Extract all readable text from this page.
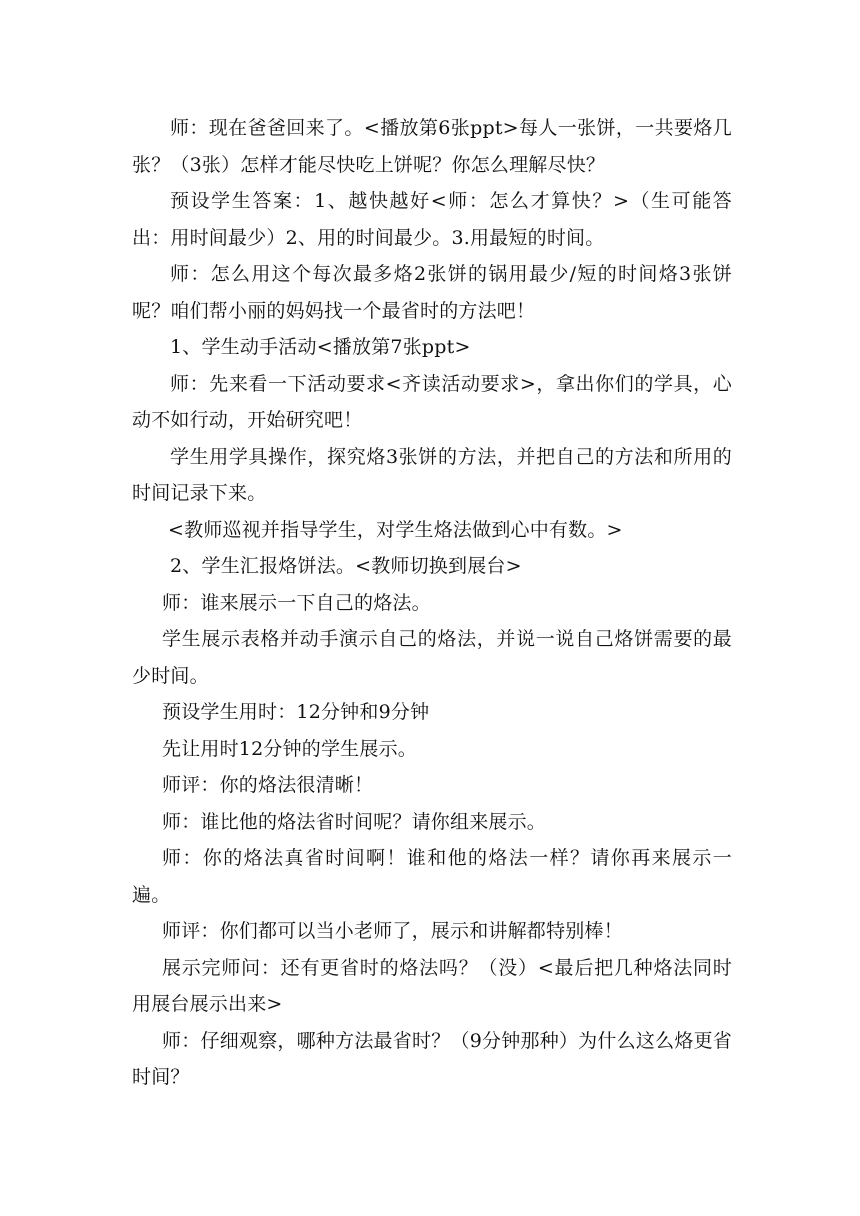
师：现在爸爸回来了。<播放第6张ppt>每人一张饼，一共要烙几张？（3张）怎样才能尽快吃上饼呢？你怎么理解尽快？

预设学生答案：1、越快越好<师：怎么才算快？>（生可能答出：用时间最少）2、用的时间最少。3.用最短的时间。

师：怎么用这个每次最多烙2张饼的锅用最少/短的时间烙3张饼呢？咱们帮小丽的妈妈找一个最省时的方法吧！

1、学生动手活动<播放第7张ppt>

师：先来看一下活动要求<齐读活动要求>，拿出你们的学具，心动不如行动，开始研究吧！

学生用学具操作，探究烙3张饼的方法，并把自己的方法和所用的时间记录下来。

<教师巡视并指导学生，对学生烙法做到心中有数。>

2、学生汇报烙饼法。<教师切换到展台>

师：谁来展示一下自己的烙法。

学生展示表格并动手演示自己的烙法，并说一说自己烙饼需要的最少时间。

预设学生用时：12分钟和9分钟

先让用时12分钟的学生展示。

师评：你的烙法很清晰！

师：谁比他的烙法省时间呢？请你组来展示。

师：你的烙法真省时间啊！谁和他的烙法一样？请你再来展示一遍。

师评：你们都可以当小老师了，展示和讲解都特别棒！

展示完师问：还有更省时的烙法吗？（没）<最后把几种烙法同时用展台展示出来>

师：仔细观察，哪种方法最省时？（9分钟那种）为什么这么烙更省时间？
